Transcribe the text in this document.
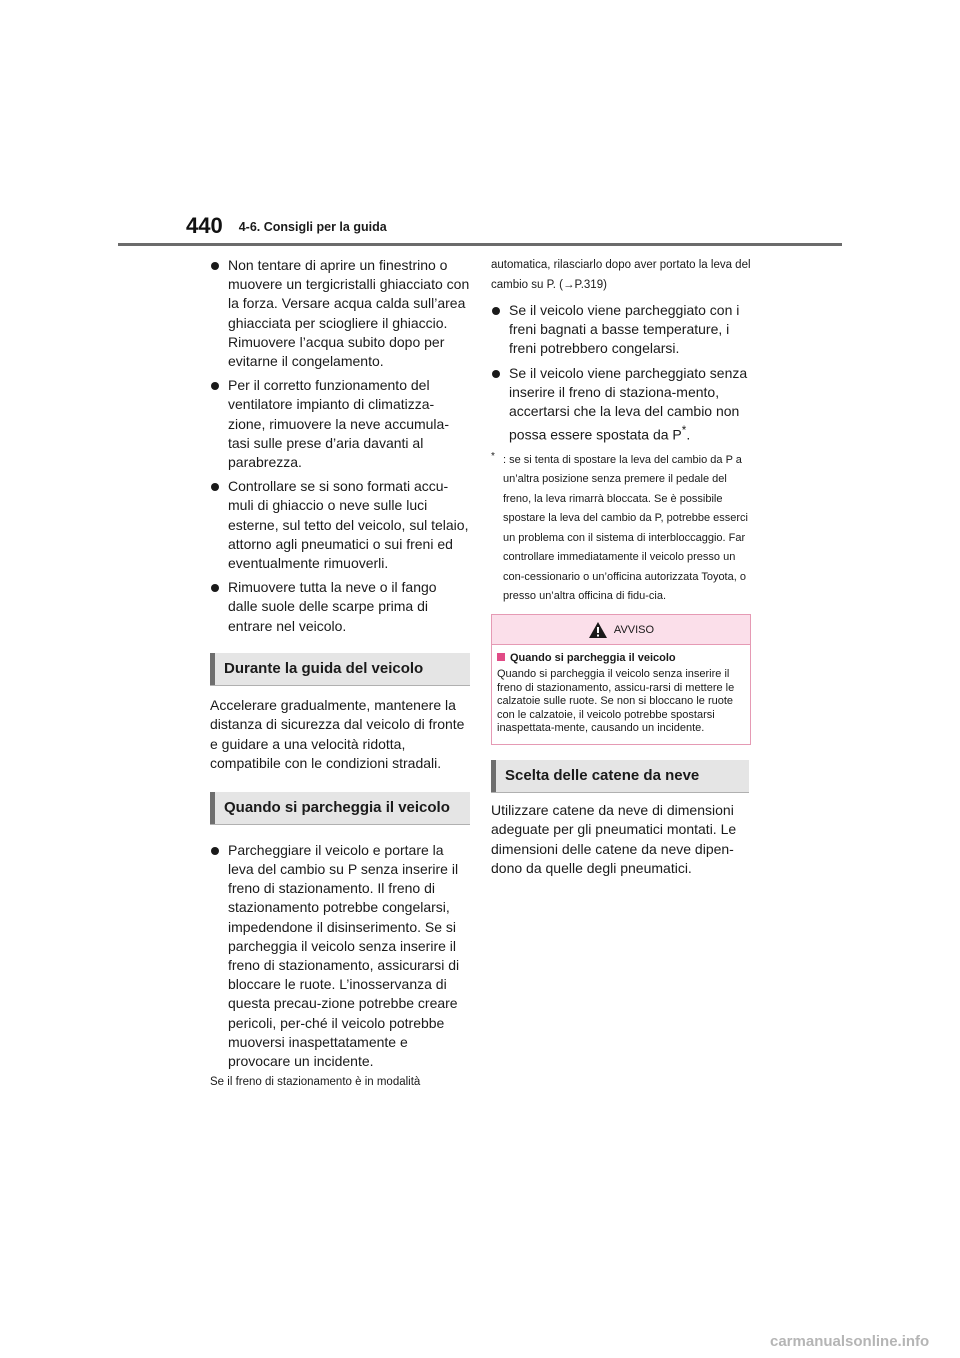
440 4-6. Consigli per la guida
Non tentare di aprire un finestrino o muovere un tergicristalli ghiacciato con la forza. Versare acqua calda sull’area ghiacciata per sciogliere il ghiaccio. Rimuovere l’acqua subito dopo per evitarne il congelamento.
Per il corretto funzionamento del ventilatore impianto di climatizza-zione, rimuovere la neve accumula-tasi sulle prese d’aria davanti al parabrezza.
Controllare se si sono formati accu-muli di ghiaccio o neve sulle luci esterne, sul tetto del veicolo, sul telaio, attorno agli pneumatici o sui freni ed eventualmente rimuoverli.
Rimuovere tutta la neve o il fango dalle suole delle scarpe prima di entrare nel veicolo.
Durante la guida del veicolo
Accelerare gradualmente, mantenere la distanza di sicurezza dal veicolo di fronte e guidare a una velocità ridotta, compatibile con le condizioni stradali.
Quando si parcheggia il veicolo
Parcheggiare il veicolo e portare la leva del cambio su P senza inserire il freno di stazionamento. Il freno di stazionamento potrebbe congelarsi, impedendone il disinserimento. Se si parcheggia il veicolo senza inserire il freno di stazionamento, assicurarsi di bloccare le ruote. L’inosservanza di questa precau-zione potrebbe creare pericoli, per-ché il veicolo potrebbe muoversi inaspettatamente e provocare un incidente.
Se il freno di stazionamento è in modalità
automatica, rilasciarlo dopo aver portato la leva del cambio su P. (→P.319)
Se il veicolo viene parcheggiato con i freni bagnati a basse temperature, i freni potrebbero congelarsi.
Se il veicolo viene parcheggiato senza inserire il freno di staziona-mento, accertarsi che la leva del cambio non possa essere spostata da P*.
* : se si tenta di spostare la leva del cambio da P a un’altra posizione senza premere il pedale del freno, la leva rimarrà bloccata. Se è possibile spostare la leva del cambio da P, potrebbe esserci un problema con il sistema di interbloccaggio. Far controllare immediatamente il veicolo presso un con-cessionario o un’officina autorizzata Toyota, o presso un’altra officina di fidu-cia.
AVVISO
Quando si parcheggia il veicolo
Quando si parcheggia il veicolo senza inserire il freno di stazionamento, assicu-rarsi di mettere le calzatoie sulle ruote. Se non si bloccano le ruote con le calzatoie, il veicolo potrebbe spostarsi inaspettata-mente, causando un incidente.
Scelta delle catene da neve
Utilizzare catene da neve di dimensioni adeguate per gli pneumatici montati. Le dimensioni delle catene da neve dipen-dono da quelle degli pneumatici.
carmanualsonline.info
